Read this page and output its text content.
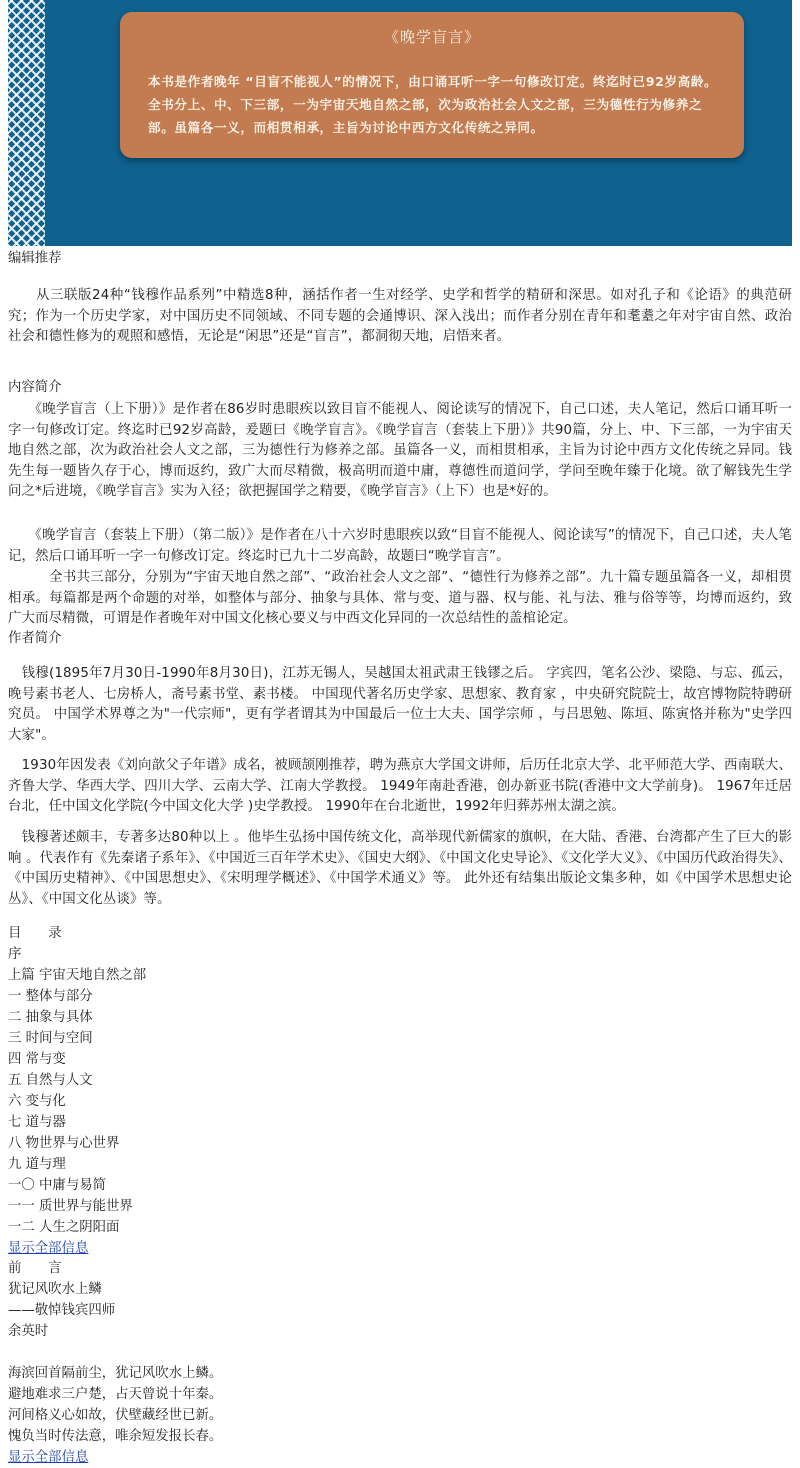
《晚学盲言》
本书是作者晚年 “目盲不能视人”的情况下，由口诵耳听一字一句修改订定。终迄时已92岁高龄。全书分上、中、下三部，一为宇宙天地自然之部，次为政治社会人文之部，三为德性行为修养之部。虽篇各一义，而相贯相承，主旨为讨论中西方文化传统之异同。
编辑推荐
　　从三联版24种“钱穆作品系列”中精选8种，涵括作者一生对经学、史学和哲学的精研和深思。如对孔子和《论语》的典范研究；作为一个历史学家，对中国历史不同领域、不同专题的会通博识、深入浅出；而作者分别在青年和耄耋之年对宇宙自然、政治社会和德性修为的观照和感悟，无论是“闲思”还是“盲言”，都洞彻天地，启悟来者。
内容简介
　　《晚学盲言（上下册）》是作者在86岁时患眼疾以致目盲不能视人、阅论读写的情况下，自己口述，夫人笔记，然后口诵耳听一字一句修改订定。终迄时已92岁高龄，爰题曰《晚学盲言》。《晚学盲言（套装上下册）》共90篇，分上、中、下三部，一为宇宙天地自然之部，次为政治社会人文之部，三为德性行为修养之部。虽篇各一义，而相贯相承，主旨为讨论中西方文化传统之异同。钱先生每一题皆久存于心，博而返约，致广大而尽精微，极高明而道中庸，尊德性而道问学，学问至晚年臻于化境。欲了解钱先生学问之*后进境，《晚学盲言》实为入径；欲把握国学之精要，《晚学盲言》（上下）也是*好的。
　　《晚学盲言（套装上下册）（第二版）》是作者在八十六岁时患眼疾以致“目盲不能视人、阅论读写”的情况下，自己口述，夫人笔记，然后口诵耳听一字一句修改订定。终迄时已九十二岁高龄，故题曰“晚学盲言”。
　　　全书共三部分，分别为“宇宙天地自然之部”、“政治社会人文之部”、“德性行为修养之部”。九十篇专题虽篇各一义，却相贯相承。每篇都是两个命题的对举，如整体与部分、抽象与具体、常与变、道与器、权与能、礼与法、雅与俗等等，均博而返约，致广大而尽精微，可谓是作者晚年对中国文化核心要义与中西文化异同的一次总结性的盖棺论定。
作者简介
　钱穆(1895年7月30日-1990年8月30日)，江苏无锡人，吴越国太祖武肃王钱镠之后。 字宾四，笔名公沙、梁隐、与忘、孤云，晚号素书老人、七房桥人，斋号素书堂、素书楼。 中国现代著名历史学家、思想家、教育家 ，中央研究院院士，故宫博物院特聘研究员。 中国学术界尊之为"一代宗师"，更有学者谓其为中国最后一位士大夫、国学宗师 ，与吕思勉、陈垣、陈寅恪并称为"史学四大家"。
　1930年因发表《刘向歆父子年谱》成名，被顾颉刚推荐，聘为燕京大学国文讲师，后历任北京大学、北平师范大学、西南联大、齐鲁大学、华西大学、四川大学、云南大学、江南大学教授。 1949年南赴香港，创办新亚书院(香港中文大学前身)。 1967年迁居台北，任中国文化学院(今中国文化大学 )史学教授。 1990年在台北逝世，1992年归葬苏州太湖之滨。
　钱穆著述颇丰，专著多达80种以上 。他毕生弘扬中国传统文化，高举现代新儒家的旗帜，在大陆、香港、台湾都产生了巨大的影响 。代表作有《先秦诸子系年》、《中国近三百年学术史》、《国史大纲》、《中国文化史导论》、《文化学大义》、《中国历代政治得失》、《中国历史精神》、《中国思想史》、《宋明理学概述》、《中国学术通义》等。 此外还有结集出版论文集多种，如《中国学术思想史论丛》、《中国文化丛谈》等。
目　　录
序
上篇 宇宙天地自然之部
一 整体与部分
二 抽象与具体
三 时间与空间
四 常与变
五 自然与人文
六 变与化
七 道与器
八 物世界与心世界
九 道与理
一〇 中庸与易简
一一 质世界与能世界
一二 人生之阴阳面
显示全部信息
前　　言
犹记风吹水上鳞
——敬悼钱宾四师
余英时
海滨回首隔前尘，犹记风吹水上鳞。
避地难求三户楚，占天曾说十年秦。
河间格义心如故，伏壁藏经世已新。
愧负当时传法意，唯余短发报长春。
显示全部信息
